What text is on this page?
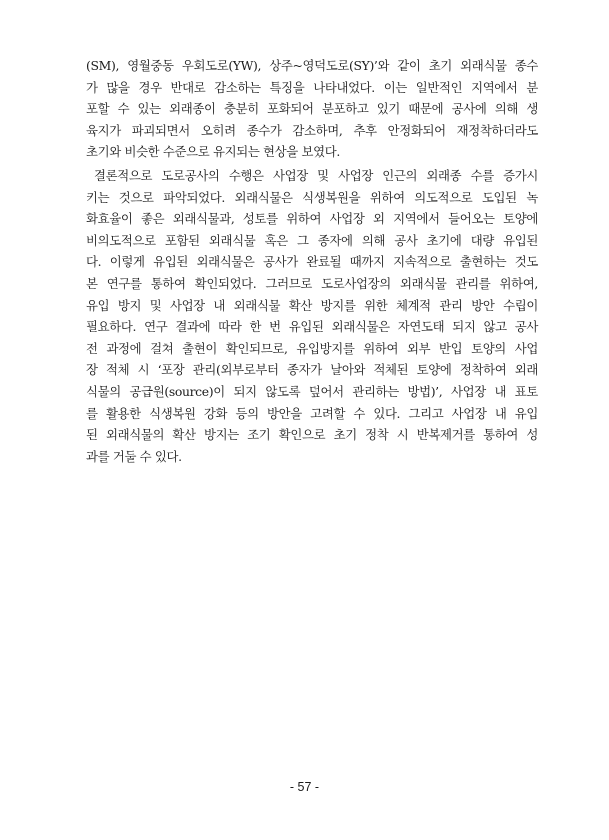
(SM), 영월중동 우회도로(YW), 상주~영덕도로(SY)’와 같이 초기 외래식물 종수
가 많을 경우 반대로 감소하는 특징을 나타내었다. 이는 일반적인 지역에서 분
포할 수 있는 외래종이 충분히 포화되어 분포하고 있기 때문에 공사에 의해 생
육지가 파괴되면서 오히려 종수가 감소하며, 추후 안정화되어 재정착하더라도
초기와 비슷한 수준으로 유지되는 현상을 보였다.
결론적으로 도로공사의 수행은 사업장 및 사업장 인근의 외래종 수를 증가시
키는 것으로 파악되었다. 외래식물은 식생복원을 위하여 의도적으로 도입된 녹
화효율이 좋은 외래식물과, 성토를 위하여 사업장 외 지역에서 들어오는 토양에
비의도적으로 포함된 외래식물 혹은 그 종자에 의해 공사 초기에 대량 유입된
다. 이렇게 유입된 외래식물은 공사가 완료될 때까지 지속적으로 출현하는 것도
본 연구를 통하여 확인되었다. 그러므로 도로사업장의 외래식물 관리를 위하여,
유입 방지 및 사업장 내 외래식물 확산 방지를 위한 체계적 관리 방안 수립이
필요하다. 연구 결과에 따라 한 번 유입된 외래식물은 자연도태 되지 않고 공사
전 과정에 걸쳐 출현이 확인되므로, 유입방지를 위하여 외부 반입 토양의 사업
장 적체 시 ‘포장 관리(외부로부터 종자가 날아와 적체된 토양에 정착하여 외래
식물의 공급원(source)이 되지 않도록 덮어서 관리하는 방법)’, 사업장 내 표토
를 활용한 식생복원 강화 등의 방안을 고려할 수 있다. 그리고 사업장 내 유입
된 외래식물의 확산 방지는 조기 확인으로 초기 정착 시 반복제거를 통하여 성
과를 거둘 수 있다.
- 57 -
